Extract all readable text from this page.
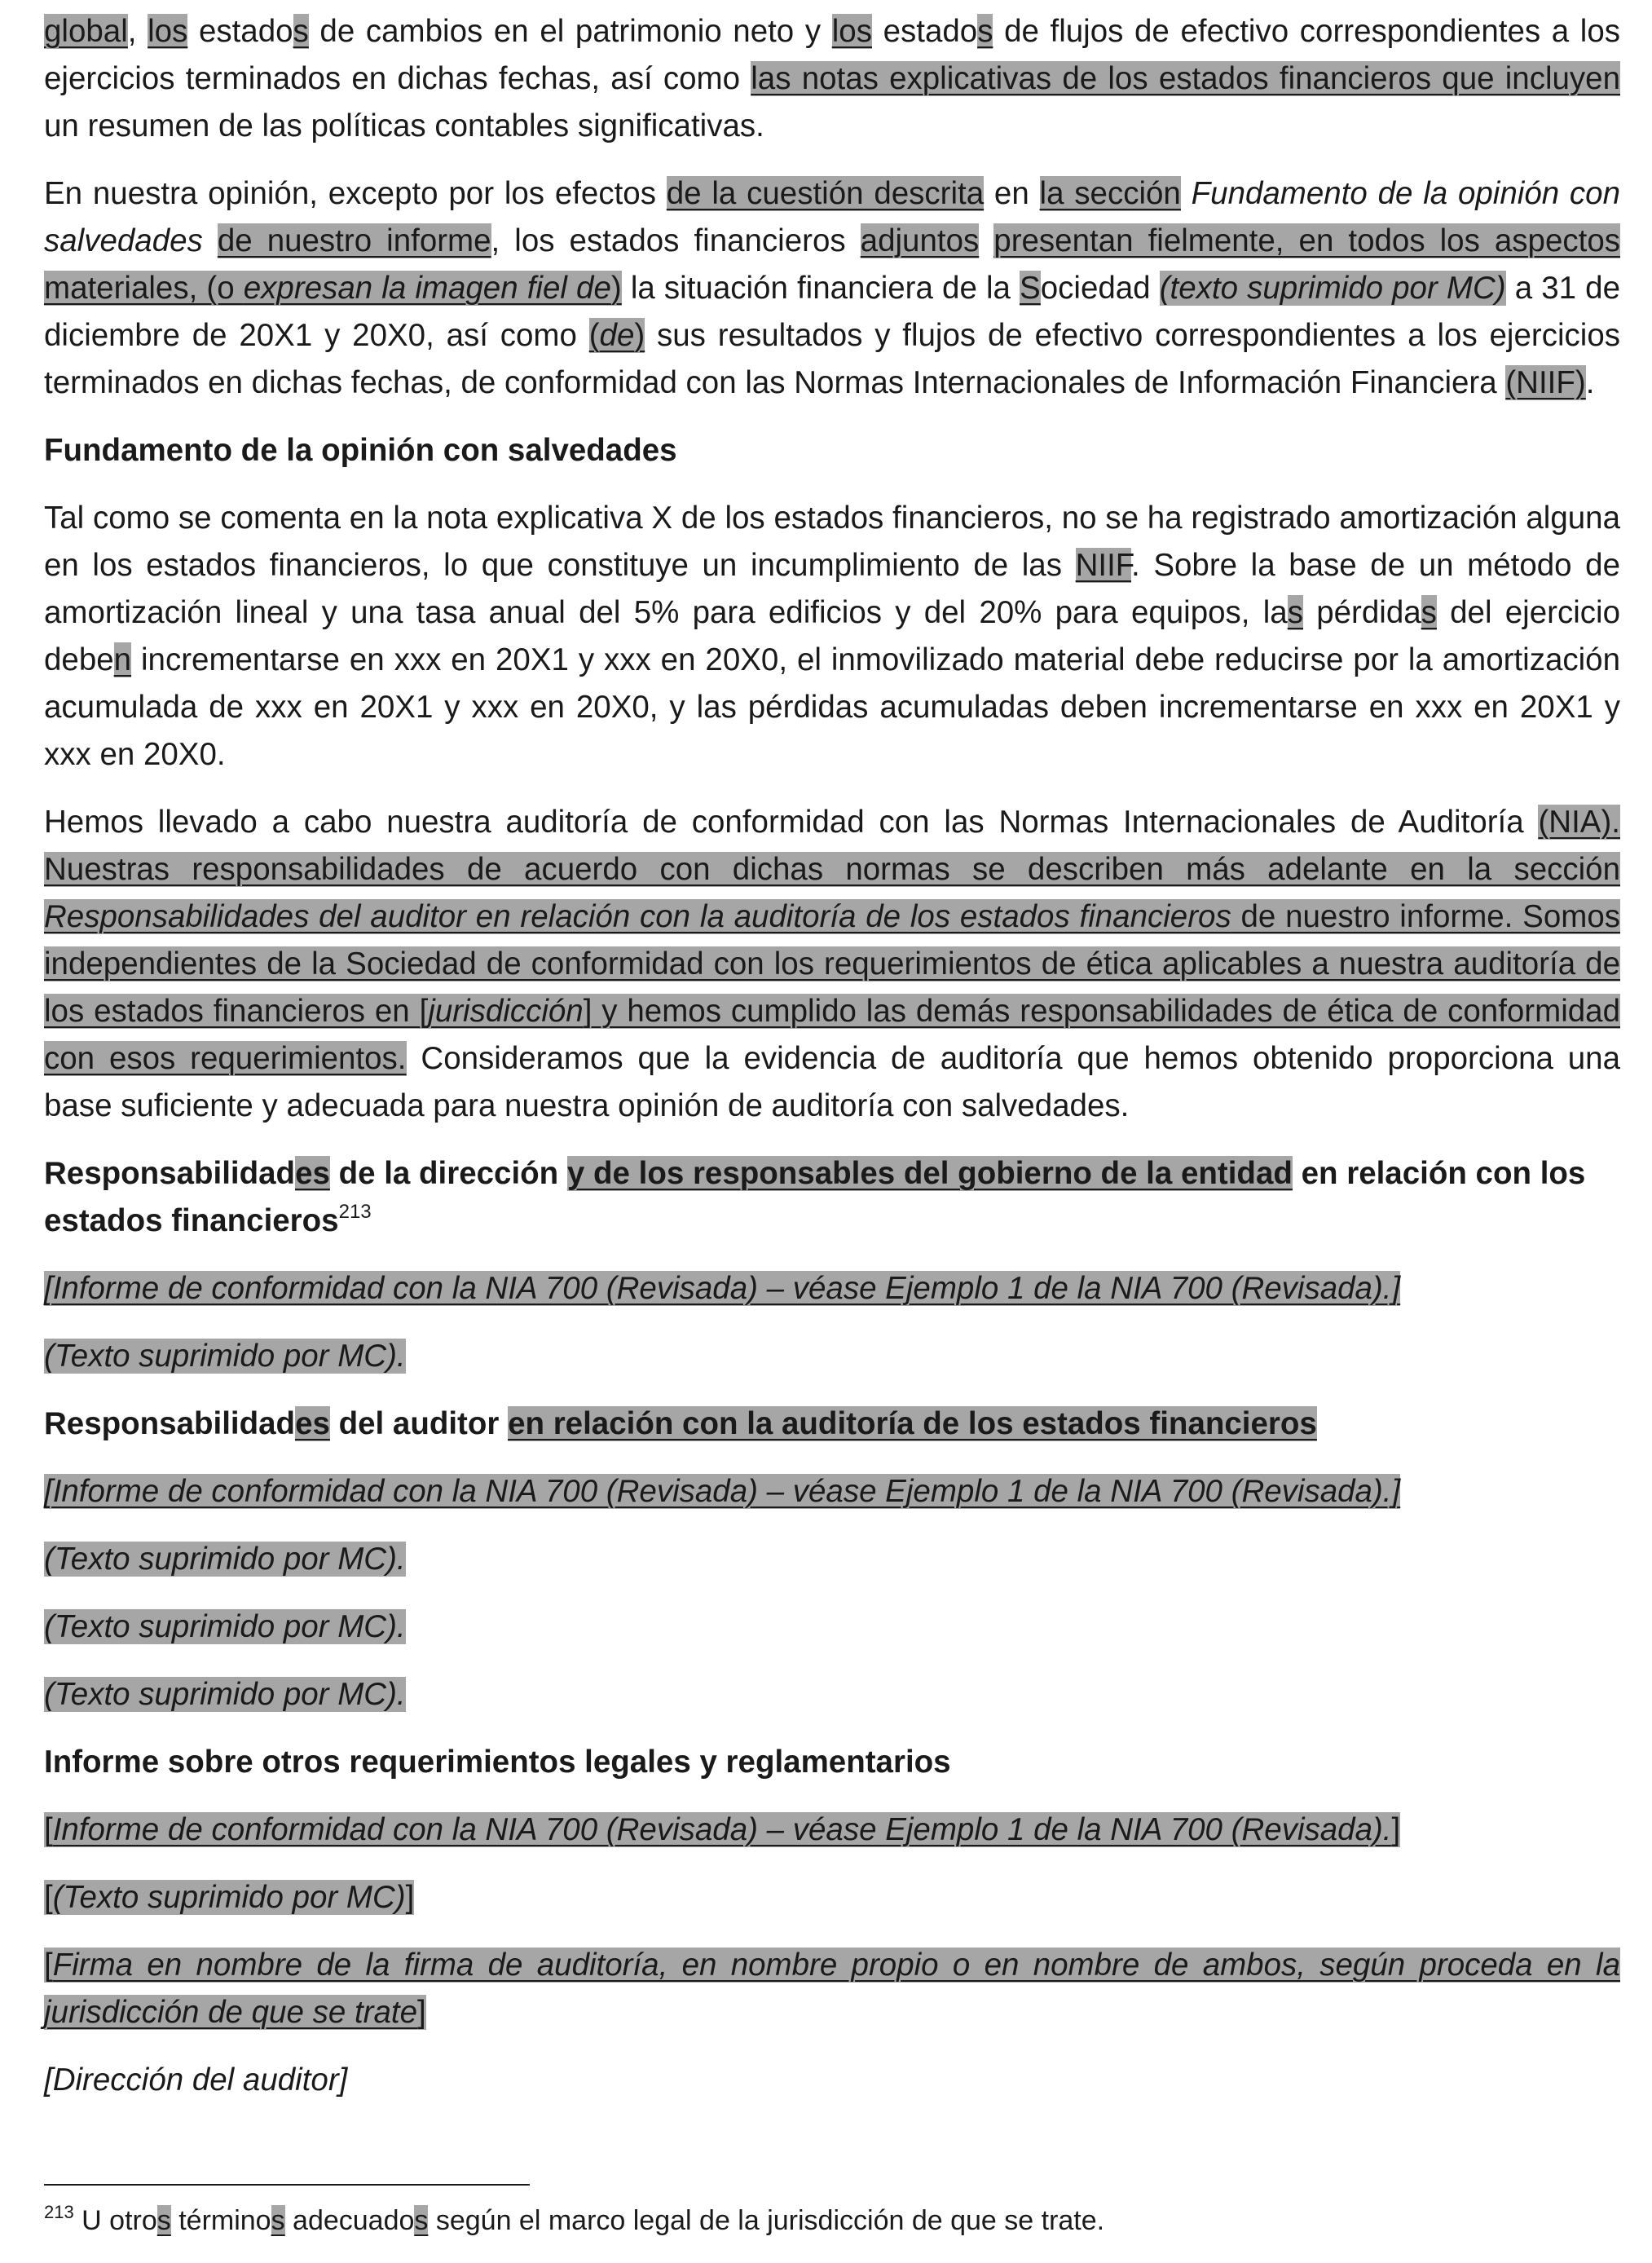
global, los estados de cambios en el patrimonio neto y los estados de flujos de efectivo correspondientes a los ejercicios terminados en dichas fechas, así como las notas explicativas de los estados financieros que incluyen un resumen de las políticas contables significativas.

En nuestra opinión, excepto por los efectos de la cuestión descrita en la sección Fundamento de la opinión con salvedades de nuestro informe, los estados financieros adjuntos presentan fielmente, en todos los aspectos materiales, (o expresan la imagen fiel de) la situación financiera de la Sociedad (texto suprimido por MC) a 31 de diciembre de 20X1 y 20X0, así como (de) sus resultados y flujos de efectivo correspondientes a los ejercicios terminados en dichas fechas, de conformidad con las Normas Internacionales de Información Financiera (NIIF).

Fundamento de la opinión con salvedades

Tal como se comenta en la nota explicativa X de los estados financieros, no se ha registrado amortización alguna en los estados financieros, lo que constituye un incumplimiento de las NIIF. Sobre la base de un método de amortización lineal y una tasa anual del 5% para edificios y del 20% para equipos, las pérdidas del ejercicio deben incrementarse en xxx en 20X1 y xxx en 20X0, el inmovilizado material debe reducirse por la amortización acumulada de xxx en 20X1 y xxx en 20X0, y las pérdidas acumuladas deben incrementarse en xxx en 20X1 y xxx en 20X0.

Hemos llevado a cabo nuestra auditoría de conformidad con las Normas Internacionales de Auditoría (NIA). Nuestras responsabilidades de acuerdo con dichas normas se describen más adelante en la sección Responsabilidades del auditor en relación con la auditoría de los estados financieros de nuestro informe. Somos independientes de la Sociedad de conformidad con los requerimientos de ética aplicables a nuestra auditoría de los estados financieros en [jurisdicción] y hemos cumplido las demás responsabilidades de ética de conformidad con esos requerimientos. Consideramos que la evidencia de auditoría que hemos obtenido proporciona una base suficiente y adecuada para nuestra opinión de auditoría con salvedades.

Responsabilidades de la dirección y de los responsables del gobierno de la entidad en relación con los estados financieros$^{213}$

[Informe de conformidad con la NIA 700 (Revisada) – véase Ejemplo 1 de la NIA 700 (Revisada).]

(Texto suprimido por MC).

Responsabilidades del auditor en relación con la auditoría de los estados financieros

[Informe de conformidad con la NIA 700 (Revisada) – véase Ejemplo 1 de la NIA 700 (Revisada).]

(Texto suprimido por MC).

(Texto suprimido por MC).

(Texto suprimido por MC).

Informe sobre otros requerimientos legales y reglamentarios

[Informe de conformidad con la NIA 700 (Revisada) – véase Ejemplo 1 de la NIA 700 (Revisada).]

[(Texto suprimido por MC)]

[Firma en nombre de la firma de auditoría, en nombre propio o en nombre de ambos, según proceda en la jurisdicción de que se trate]

[Dirección del auditor]

$^{213}$ U otros términos adecuados según el marco legal de la jurisdicción de que se trate.
